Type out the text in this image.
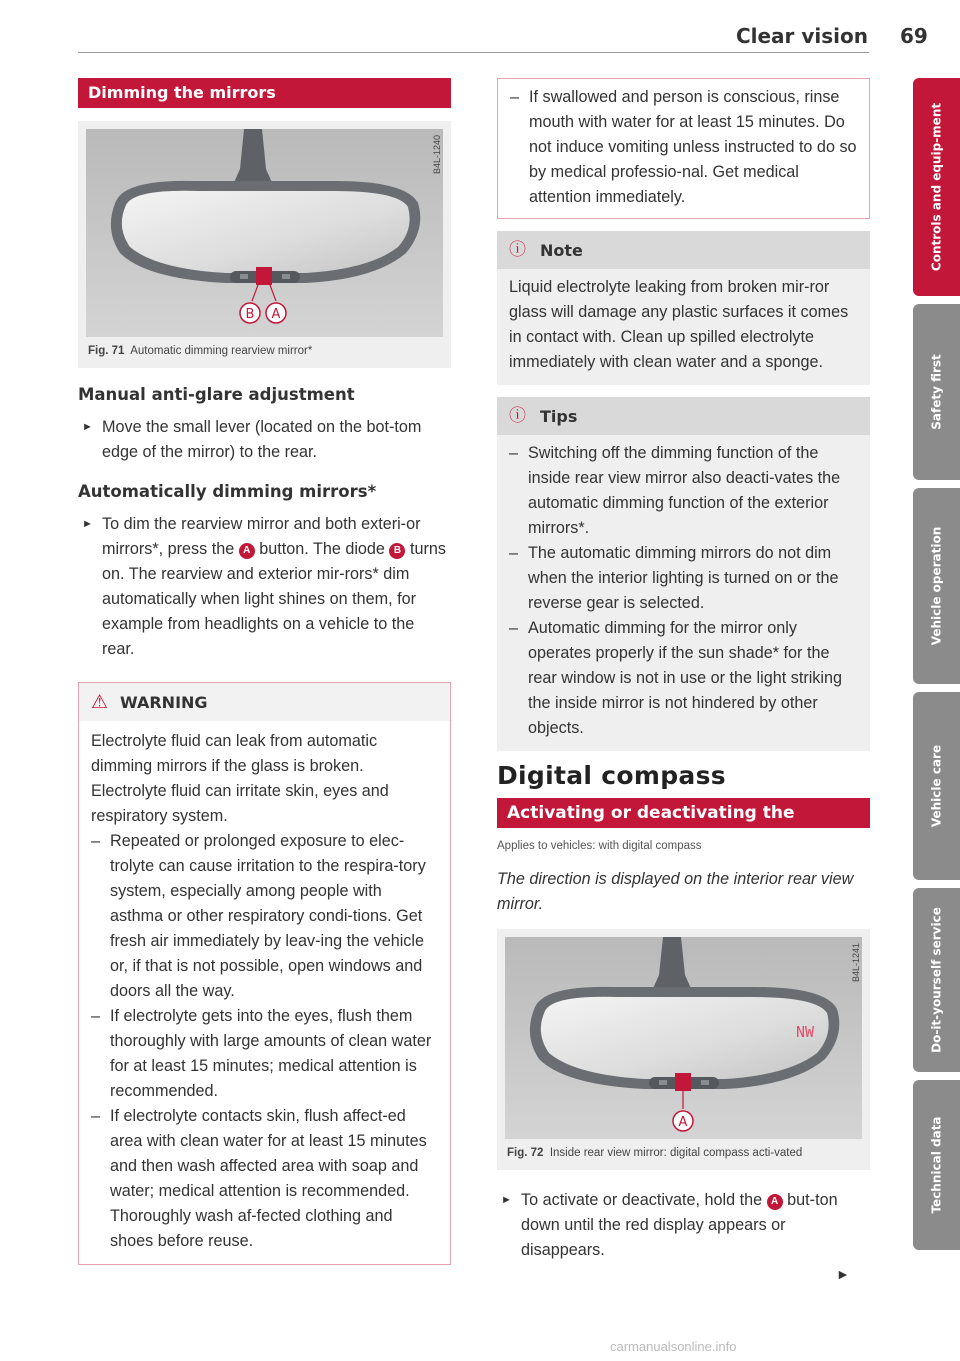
Clear vision 69
Dimming the mirrors
B A
B4L-1240
Fig. 71 Automatic dimming rearview mirror*
Manual anti-glare adjustment
► Move the small lever (located on the bot-tom edge of the mirror) to the rear.
Automatically dimming mirrors*
► To dim the rearview mirror and both exteri-or mirrors*, press the A button. The diode B turns on. The rearview and exterior mir-rors* dim automatically when light shines on them, for example from headlights on a vehicle to the rear.
⚠ WARNING

Electrolyte fluid can leak from automatic dimming mirrors if the glass is broken. Electrolyte fluid can irritate skin, eyes and respiratory system.

– Repeated or prolonged exposure to elec-trolyte can cause irritation to the respira-tory system, especially among people with asthma or other respiratory condi-tions. Get fresh air immediately by leav-ing the vehicle or, if that is not possible, open windows and doors all the way.
– If electrolyte gets into the eyes, flush them thoroughly with large amounts of clean water for at least 15 minutes; medical attention is recommended.
– If electrolyte contacts skin, flush affect-ed area with clean water for at least 15 minutes and then wash affected area with soap and water; medical attention is recommended. Thoroughly wash af-fected clothing and shoes before reuse.
– If swallowed and person is conscious, rinse mouth with water for at least 15 minutes. Do not induce vomiting unless instructed to do so by medical professio-nal. Get medical attention immediately.
ⓘ Note
Liquid electrolyte leaking from broken mir-ror glass will damage any plastic surfaces it comes in contact with. Clean up spilled electrolyte immediately with clean water and a sponge.
ⓘ Tips
– Switching off the dimming function of the inside rear view mirror also deacti-vates the automatic dimming function of the exterior mirrors*.
– The automatic dimming mirrors do not dim when the interior lighting is turned on or the reverse gear is selected.
– Automatic dimming for the mirror only operates properly if the sun shade* for the rear window is not in use or the light striking the inside mirror is not hindered by other objects.
Digital compass
Activating or deactivating the compass
Applies to vehicles: with digital compass

The direction is displayed on the interior rear view mirror.

NW
A
B4L-1241
Fig. 72 Inside rear view mirror: digital compass acti-vated
► To activate or deactivate, hold the A but-ton down until the red display appears or disappears.
►
Controls and equip-ment
Safety first
Vehicle operation
Vehicle care
Do-it-yourself service
Technical data
carmanualsonline.info
